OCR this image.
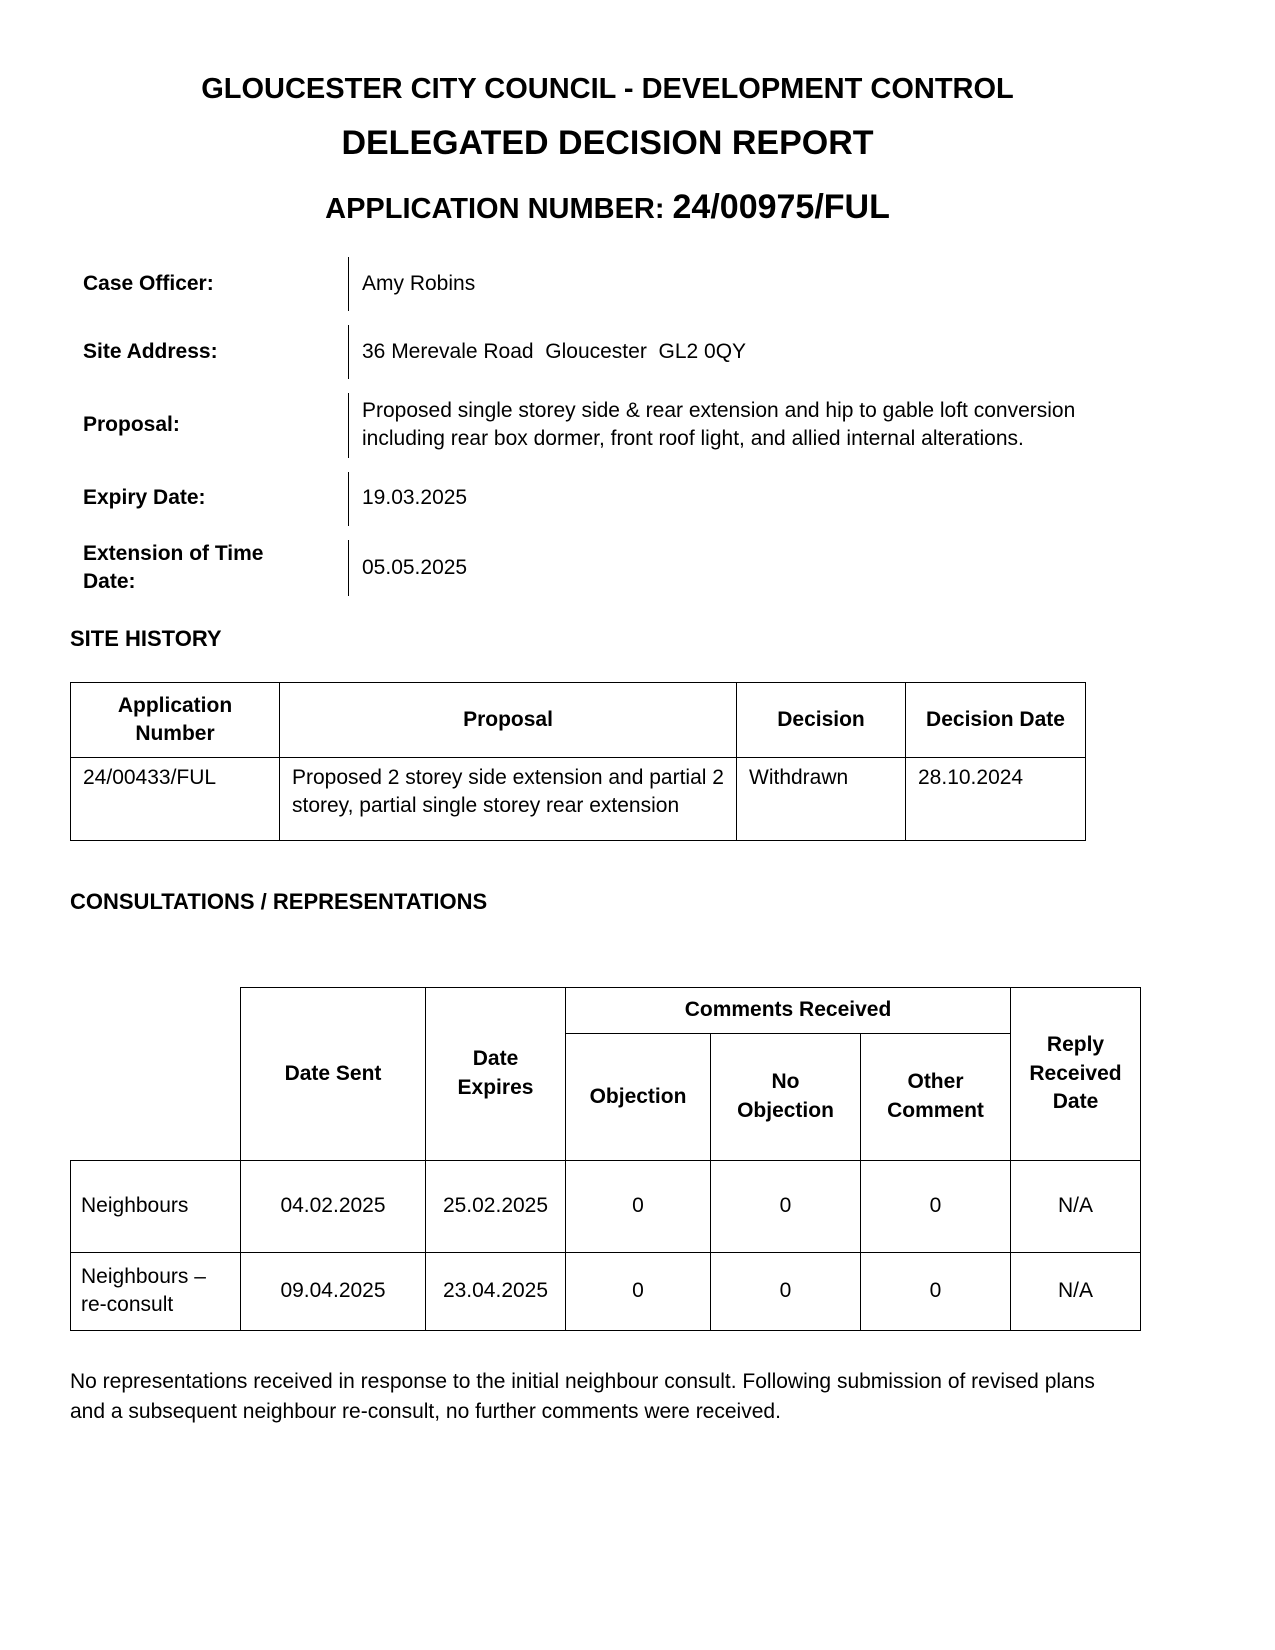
GLOUCESTER CITY COUNCIL - DEVELOPMENT CONTROL
DELEGATED DECISION REPORT
APPLICATION NUMBER: 24/00975/FUL
Case Officer:	Amy Robins
Site Address:	36 Merevale Road  Gloucester  GL2 0QY
Proposal:
Proposed single storey side & rear extension and hip to gable loft conversion including rear box dormer, front roof light, and allied internal alterations.
Expiry Date:	19.03.2025
Extension of Time Date:
05.05.2025
SITE HISTORY
Application Number	Proposal	Decision	Decision Date
24/00433/FUL	Proposed 2 storey side extension and partial 2 storey, partial single storey rear extension	Withdrawn	28.10.2024
CONSULTATIONS / REPRESENTATIONS
	Date Sent	Date Expires	Comments Received			Reply Received Date
			Objection	No Objection	Other Comment	
Neighbours	04.02.2025	25.02.2025	0	0	0	N/A
Neighbours – re-consult	09.04.2025	23.04.2025	0	0	0	N/A

No representations received in response to the initial neighbour consult. Following submission of revised plans and a subsequent neighbour re-consult, no further comments were received.
